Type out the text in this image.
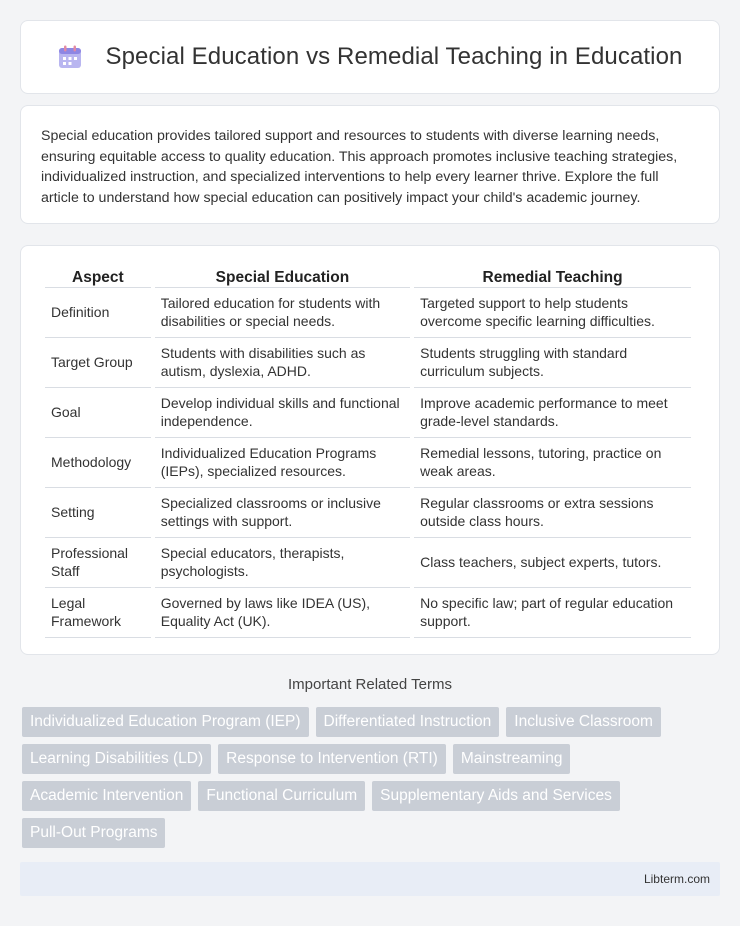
Special Education vs Remedial Teaching in Education

Special education provides tailored support and resources to students with diverse learning needs, ensuring equitable access to quality education. This approach promotes inclusive teaching strategies, individualized instruction, and specialized interventions to help every learner thrive. Explore the full article to understand how special education can positively impact your child's academic journey.

Aspect	Special Education	Remedial Teaching
Definition	Tailored education for students with disabilities or special needs.	Targeted support to help students overcome specific learning difficulties.
Target Group	Students with disabilities such as autism, dyslexia, ADHD.	Students struggling with standard curriculum subjects.
Goal	Develop individual skills and functional independence.	Improve academic performance to meet grade-level standards.
Methodology	Individualized Education Programs (IEPs), specialized resources.	Remedial lessons, tutoring, practice on weak areas.
Setting	Specialized classrooms or inclusive settings with support.	Regular classrooms or extra sessions outside class hours.
Professional Staff	Special educators, therapists, psychologists.	Class teachers, subject experts, tutors.
Legal Framework	Governed by laws like IDEA (US), Equality Act (UK).	No specific law; part of regular education support.
Important Related Terms
Individualized Education Program (IEP)	Differentiated Instruction	Inclusive Classroom
Learning Disabilities (LD)	Response to Intervention (RTI)	Mainstreaming
Academic Intervention	Functional Curriculum	Supplementary Aids and Services
Pull-Out Programs
Libterm.com
